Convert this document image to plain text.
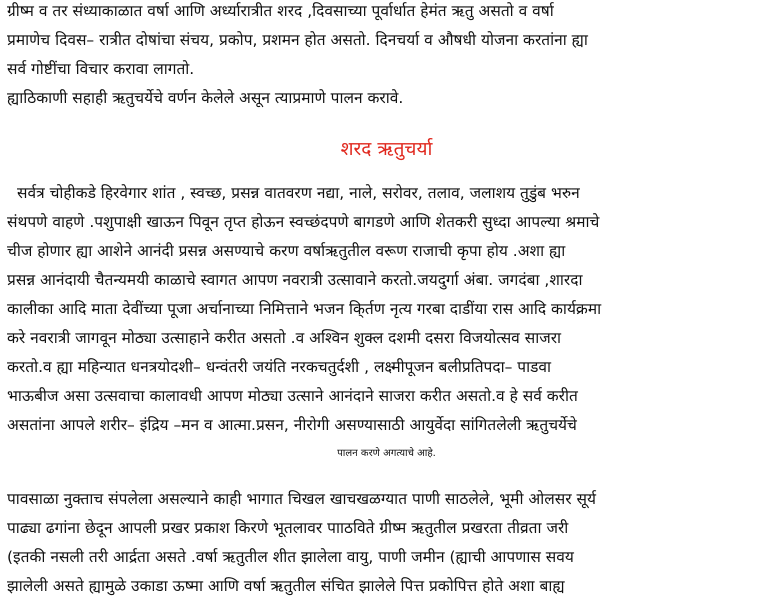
ग्रीष्म व तर संध्याकाळात वर्षा आणि अर्ध्यारात्रीत शरद ,दिवसाच्या पूर्वार्धात हेमंत ऋतु असतो व वर्षा
प्रमाणेच दिवस– रात्रीत दोषांचा संचय, प्रकोप, प्रशमन होत असतो. दिनचर्या व औषधी योजना करतांना ह्या
सर्व गोष्टींचा विचार करावा लागतो.
ह्याठिकाणी सहाही ऋतुचर्येचे वर्णन केलेले असून त्याप्रमाणे पालन करावे.
शरद ऋतुचर्या
सर्वत्र चोहीकडे हिरवेगार शांत , स्वच्छ, प्रसन्न वातवरण नद्या, नाले, सरोवर, तलाव, जलाशय तुडुंब भरुन
संथपणे वाहणे .पशुपाक्षी खाऊन पिवून तृप्त होऊन स्वच्छंदपणे बागडणे आणि शेतकरी सुध्दा आपल्या श्रमाचे
चीज होणार ह्या आशेने आनंदी प्रसन्न असण्याचे करण वर्षाऋतुतील वरूण राजाची कृपा होय .अशा ह्या
प्रसन्न आनंदायी चैतन्यमयी काळाचे स्वागत आपण नवरात्री उत्सावाने करतो.जयदुर्गा अंबा. जगदंबा ,शारदा
कालीका आदि माता देवींच्या पूजा अर्चानाच्या निमित्ताने भजन कि्र्तण नृत्य गरबा दाडींया रास आदि कार्यक्रमा
करे नवरात्री जागवून मोठ्या उत्साहाने करीत असतो .व अश्विन शुक्ल दशमी दसरा विजयोत्सव साजरा
करतो.व ह्या महिन्यात धनत्रयोदशी– धन्वंतरी जयंति नरकचतुर्दशी , लक्ष्मीपूजन बलीप्रतिपदा– पाडवा
भाऊबीज असा उत्सवाचा कालावधी आपण मोठ्या उत्साने आनंदाने साजरा करीत असतो.व हे सर्व करीत
असतांना आपले शरीर– इंद्रिय –मन व आत्मा.प्रसन, नीरोगी असण्यासाठी आयुर्वेदा सांगितलेली ऋतुचर्येचे
पालन करणे अगत्याचे आहे.
पावसाळा नुक्ताच संपलेला असल्याने काही भागात चिखल खाचखळग्यात पाणी साठलेले, भूमी ओलसर सूर्य
पाढ्या ढगांना छेदून आपली प्रखर प्रकाश किरणे भूतलावर पााठविते ग्रीष्म ऋतुतील प्रखरता तीव्रता जरी
(इतकी नसली तरी आर्द्रता असते .वर्षा ऋतुतील शीत झालेला वायु, पाणी जमीन (ह्याची आपणास सवय
झालेली असते ह्यामुळे उकाडा ऊष्मा आणि वर्षा ऋतुतील संचित झालेले पित्त प्रकोपित्त होते अशा बाह्य
